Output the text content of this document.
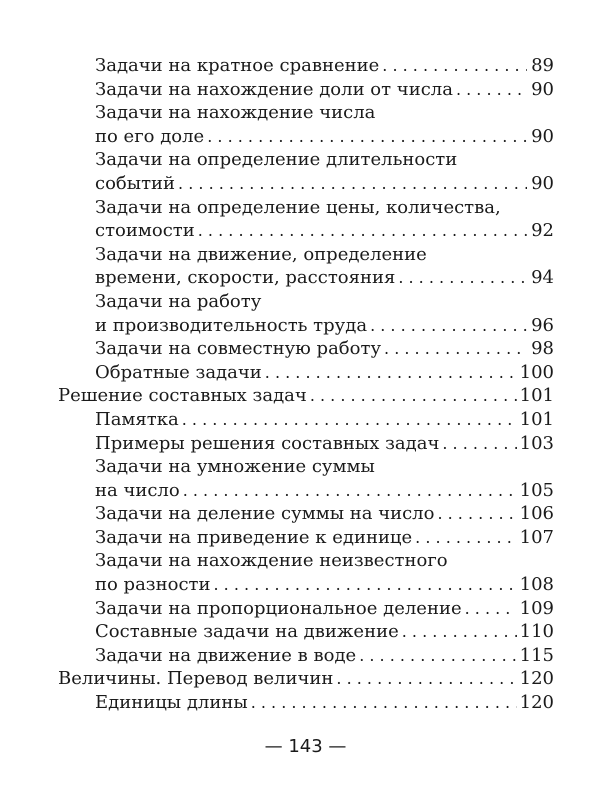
Задачи на кратное сравнение . . .	89
Задачи на нахождение доли от числа . . .	90
Задачи на нахождение числа
по его доле . . .	90
Задачи на определение длительности
событий . . .	90
Задачи на определение цены, количества,
стоимости . . .	92
Задачи на движение, определение
времени, скорости, расстояния . . .	94
Задачи на работу
и производительность труда . . .	96
Задачи на совместную работу . . .	98
Обратные задачи . . .	100
Решение составных задач . . .	101
Памятка . . .	101
Примеры решения составных задач . . .	103
Задачи на умножение суммы
на число . . .	105
Задачи на деление суммы на число . . .	106
Задачи на приведение к единице . . .	107
Задачи на нахождение неизвестного
по разности . . .	108
Задачи на пропорциональное деление . . .	109
Составные задачи на движение . . .	110
Задачи на движение в воде . . .	115
Величины. Перевод величин . . .	120
Единицы длины . . .	120
— 143 —
